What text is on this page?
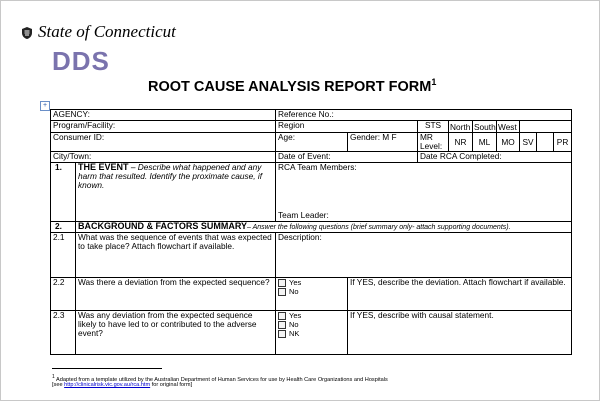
State of Connecticut
DDS
ROOT CAUSE ANALYSIS REPORT $FORM^1$
+
AGENCY:		Reference No.:								
Program/Facility:		Region		STS	North	South	West			
Consumer ID:		Age:	Gender: M F	MR Level:	NR	ML	MO	SV		PR
City/Town:		Date of Event:		Date RCA Completed:						
1.	THE EVENT – Describe what happened and any harm that resulted. Identify the proximate cause, if known.	RCA Team Members:
Team Leader:								

2.	BACKGROUND & FACTORS SUMMARY– Answer the following questions (brief summary only- attach supporting documents).									
2.1	What was the sequence of events that was expected to take place? Attach flowchart if available.	Description:								
2.2	Was there a deviation from the expected sequence?	Yes
No	If YES, describe the deviation. Attach flowchart if available.							
2.3	Was any deviation from the expected sequence likely to have led to or contributed to the adverse event?	Yes
No
NK	If YES, describe with causal statement.							
$^1$ Adapted from a template utilized by the Australian Department of Human Services for use by Health Care Organizations and Hospitals
[see http://clinicalrisk.vic.gov.au/rca.htm for original form]
